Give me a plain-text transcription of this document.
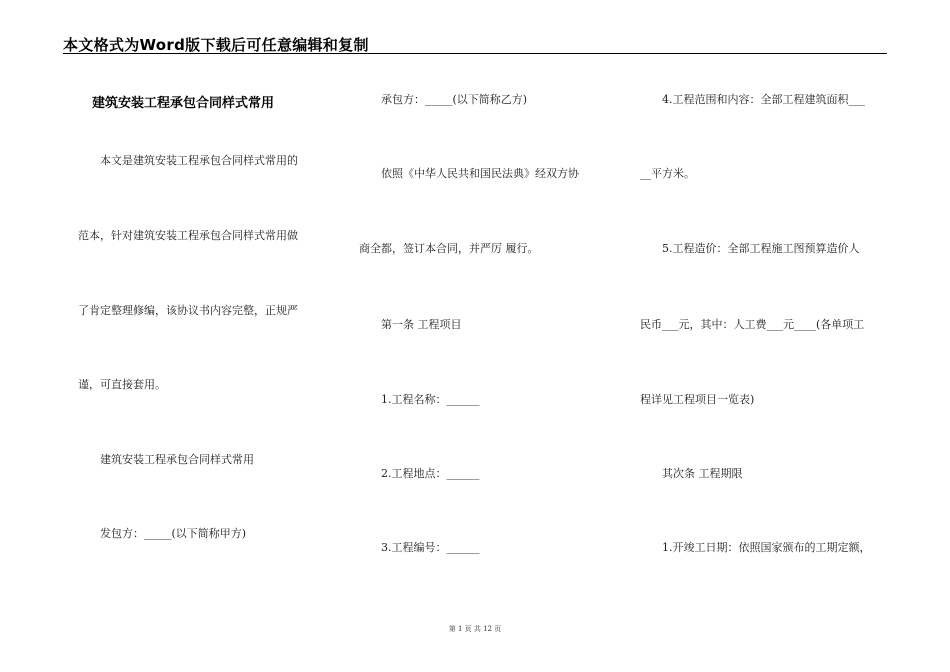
本文格式为Word版下载后可任意编辑和复制
建筑安装工程承包合同样式常用
本文是建筑安装工程承包合同样式常用的
范本，针对建筑安装工程承包合同样式常用做
了肯定整理修编，该协议书内容完整，正规严
谨，可直接套用。
建筑安装工程承包合同样式常用
发包方：_____(以下简称甲方)
承包方：_____(以下简称乙方)
依照《中华人民共和国民法典》经双方协
商全都，签订本合同，并严厉 履行。
第一条 工程项目
1.工程名称：______
2.工程地点：______
3.工程编号：______
4.工程范围和内容：全部工程建筑面积___
__平方米。
5.工程造价：全部工程施工图预算造价人
民币___元，其中：人工费___元____(各单项工
程详见工程项目一览表)
其次条 工程期限
1.开竣工日期：依照国家颁布的工期定额，
第 1 页 共 12 页
